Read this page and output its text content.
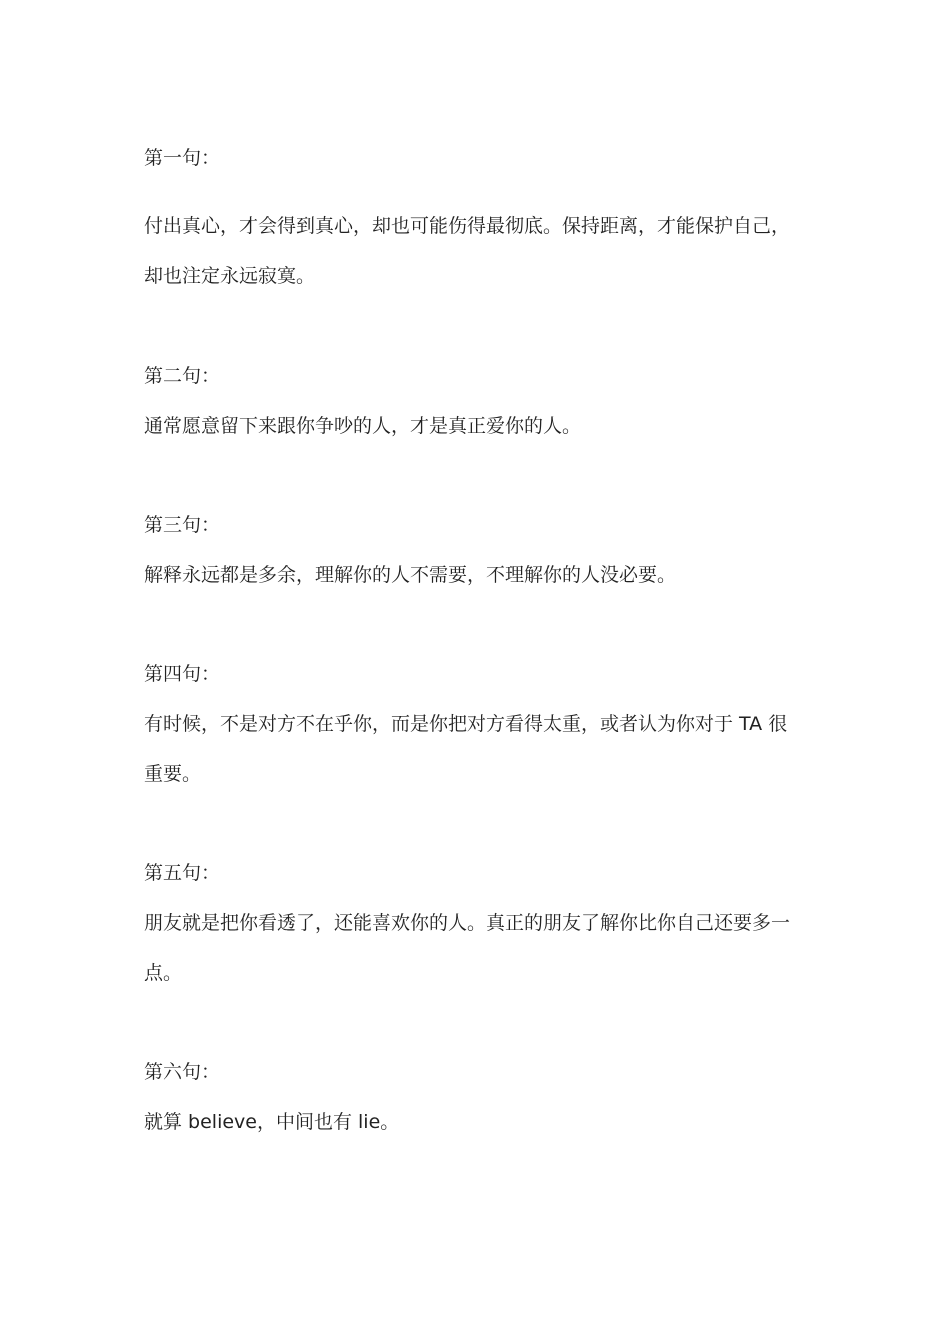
第一句：
付出真心，才会得到真心，却也可能伤得最彻底。保持距离，才能保护自己，
却也注定永远寂寞。
第二句：
通常愿意留下来跟你争吵的人，才是真正爱你的人。
第三句：
解释永远都是多余，理解你的人不需要，不理解你的人没必要。
第四句：
有时候，不是对方不在乎你，而是你把对方看得太重，或者认为你对于 TA 很
重要。
第五句：
朋友就是把你看透了，还能喜欢你的人。真正的朋友了解你比你自己还要多一
点。
第六句：
就算 believe，中间也有 lie。
